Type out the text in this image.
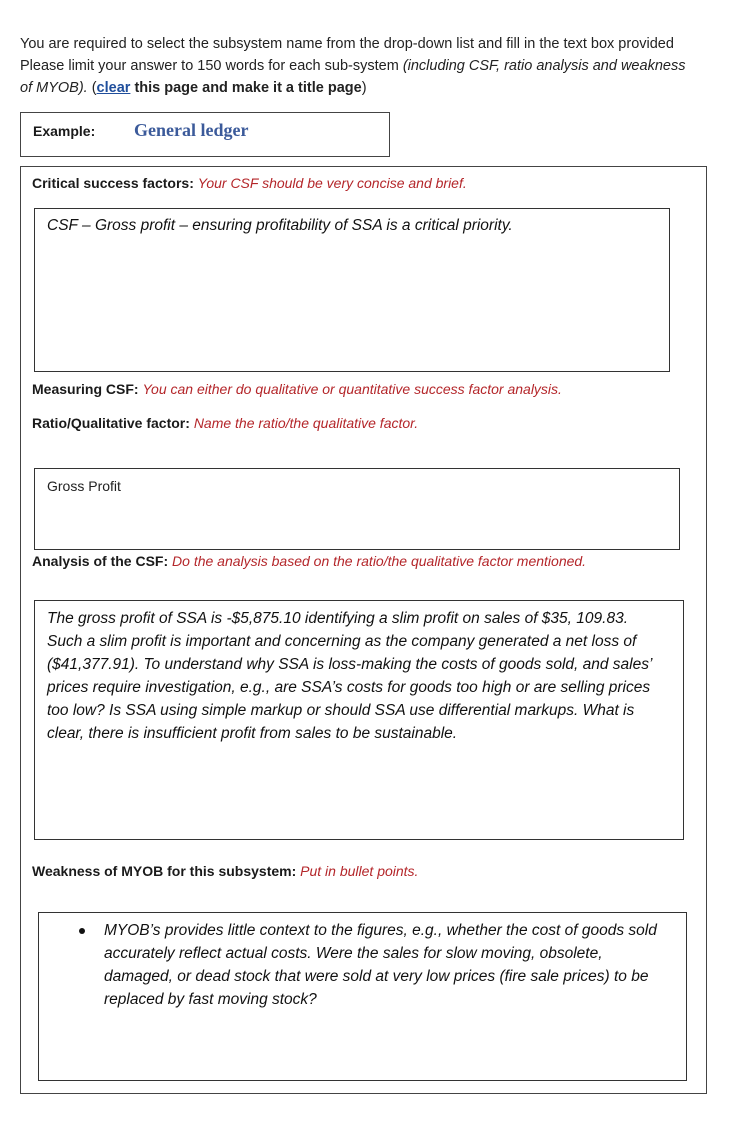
You are required to select the subsystem name from the drop-down list and fill in the text box provided
Please limit your answer to 150 words for each sub-system (including CSF, ratio analysis and weakness
of MYOB). (clear this page and make it a title page)
Example: General ledger
Critical success factors: Your CSF should be very concise and brief.
CSF – Gross profit – ensuring profitability of SSA is a critical priority.
Measuring CSF: You can either do qualitative or quantitative success factor analysis.
Ratio/Qualitative factor: Name the ratio/the qualitative factor.
Gross Profit
Analysis of the CSF: Do the analysis based on the ratio/the qualitative factor mentioned.
The gross profit of SSA is -$5,875.10 identifying a slim profit on sales of $35, 109.83.
Such a slim profit is important and concerning as the company generated a net loss of
($41,377.91). To understand why SSA is loss-making the costs of goods sold, and sales’
prices require investigation, e.g., are SSA’s costs for goods too high or are selling prices
too low? Is SSA using simple markup or should SSA use differential markups. What is
clear, there is insufficient profit from sales to be sustainable.
Weakness of MYOB for this subsystem: Put in bullet points.
MYOB’s provides little context to the figures, e.g., whether the cost of goods sold
accurately reflect actual costs. Were the sales for slow moving, obsolete,
damaged, or dead stock that were sold at very low prices (fire sale prices) to be
replaced by fast moving stock?
